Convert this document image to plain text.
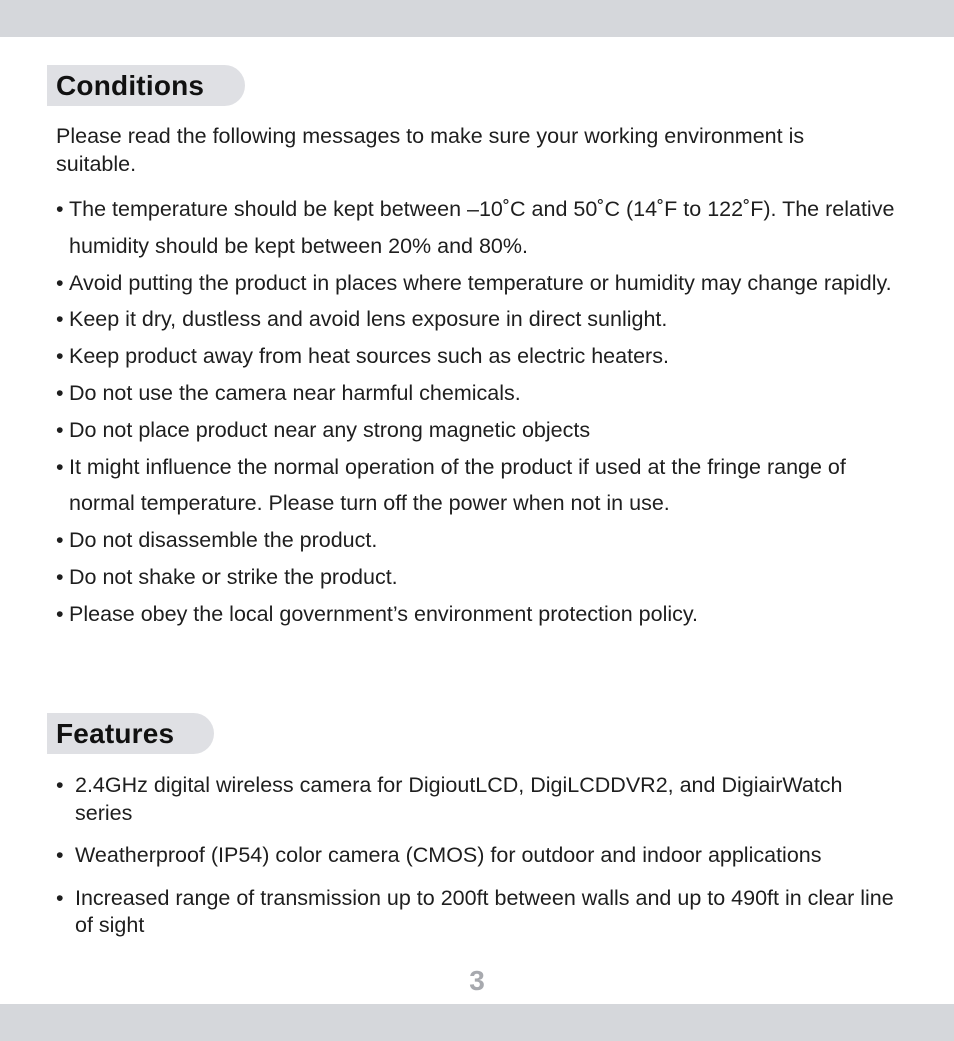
Conditions

Please read the following messages to make sure your working environment is suitable.

• The temperature should be kept between –10˚C and 50˚C (14˚F to 122˚F). The relative humidity should be kept between 20% and 80%.
• Avoid putting the product in places where temperature or humidity may change rapidly.
• Keep it dry, dustless and avoid lens exposure in direct sunlight.
• Keep product away from heat sources such as electric heaters.
• Do not use the camera near harmful chemicals.
• Do not place product near any strong magnetic objects
• It might influence the normal operation of the product if used at the fringe range of normal temperature. Please turn off the power when not in use.
• Do not disassemble the product.
• Do not shake or strike the product.
• Please obey the local government’s environment protection policy.
Features
• 2.4GHz digital wireless camera for DigioutLCD, DigiLCDDVR2, and DigiairWatch series
• Weatherproof (IP54) color camera (CMOS) for outdoor and indoor applications
• Increased range of transmission up to 200ft between walls and up to 490ft in clear line of sight
3
